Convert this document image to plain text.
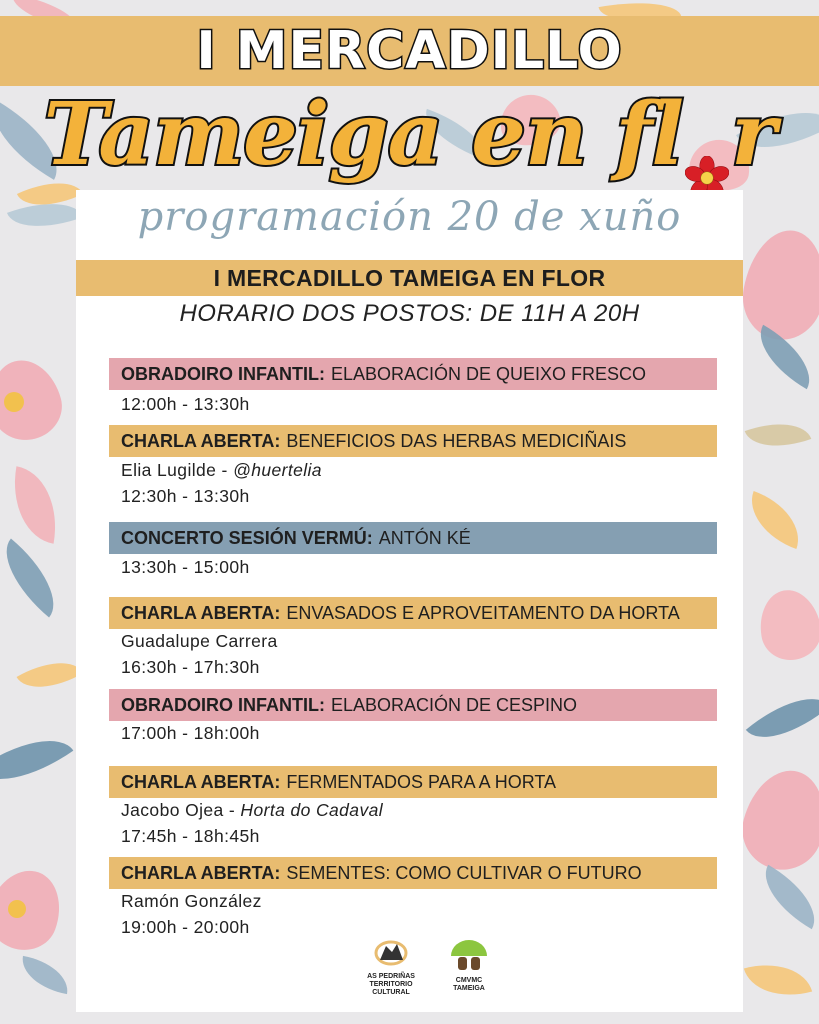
I MERCADILLO
Tameiga en fl r
programación 20 de xuño
I MERCADILLO TAMEIGA EN FLOR
HORARIO DOS POSTOS: DE 11H A 20H
OBRADOIRO INFANTIL: ELABORACIÓN DE QUEIXO FRESCO
12:00h - 13:30h
CHARLA ABERTA: BENEFICIOS DAS HERBAS MEDICIÑAIS
Elia Lugilde - @huertelia
12:30h - 13:30h
CONCERTO SESIÓN VERMÚ: ANTÓN KÉ
13:30h - 15:00h
CHARLA ABERTA: ENVASADOS E APROVEITAMENTO DA HORTA
Guadalupe Carrera
16:30h - 17h:30h
OBRADOIRO INFANTIL: ELABORACIÓN DE CESPINO
17:00h - 18h:00h
CHARLA ABERTA: FERMENTADOS PARA A HORTA
Jacobo Ojea - Horta do Cadaval
17:45h - 18h:45h
CHARLA ABERTA: SEMENTES: COMO CULTIVAR O FUTURO
Ramón González
19:00h - 20:00h
AS PEDRIÑAS TERRITORIO CULTURAL
CMVMC TAMEIGA
